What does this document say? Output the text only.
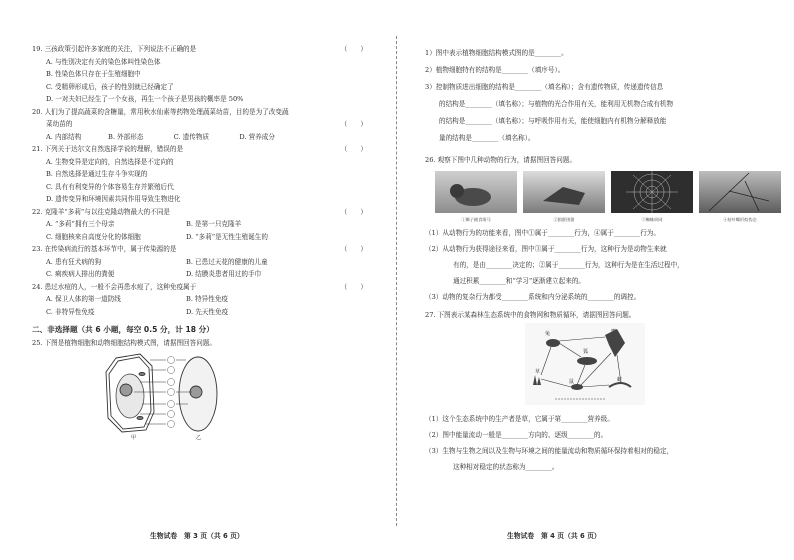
19. 三孩政策引起许多家庭的关注，下列说法不正确的是	（　　）

A. 与性别决定有关的染色体叫性染色体

B. 性染色体只存在于生殖细胞中

C. 受精卵形成后，孩子的性别就已经确定了

D. 一对夫妇已经生了一个女孩，再生一个孩子是男孩的概率是 50%

20. 人们为了提高蔬菜的含糖量，常用秋水仙素等药物处理蔬菜幼苗，目的是为了改变蔬

菜幼苗的	（　　）

A. 内部结构	B. 外部形态	C. 遗传物质	D. 营养成分

21. 下列关于达尔文自然选择学说的理解，错误的是	（　　）

A. 生物变异是定向的，自然选择是不定向的

B. 自然选择是通过生存斗争实现的

C. 具有有利变异的个体容易生存并繁殖后代

D. 遗传变异和环境因素共同作用导致生物进化

22. 克隆羊“多莉”与以往克隆动物最大的不同是	（　　）

A. “多莉”拥有三个母亲	B. 是第一只克隆羊

C. 细胞核来自高度分化的体细胞	D. “多莉”是无性生殖诞生的

23. 在传染病流行的基本环节中，属于传染源的是	（　　）

A. 患有狂犬病的狗	B. 已患过天花的健康的儿童

C. 痢疾病人排出的粪便	D. 结膜炎患者用过的手巾

24. 患过水痘的人，一般不会再患水痘了，这种免疫属于	（　　）

A. 保卫人体的第一道防线	B. 特异性免疫

C. 非特异性免疫	D. 先天性免疫

二、非选择题（共 6 小题，每空 0.5 分，计 18 分）

25. 下图是植物细胞和动物细胞结构模式图，请据图回答问题。

甲	乙
生物试卷　第 3 页（共 6 页）

1）图中表示植物细胞结构模式图的是________。

2）植物细胞特有的结构是________（填序号）。

3）控制物质进出细胞的结构是________（填名称）；含有遗传物质，传递遗传信息

的结构是________（填名称）；与植物的光合作用有关，能利用无机物合成有机物

的结构是________（填名称）；与呼吸作用有关，能使细胞内有机物分解释放能

量的结构是________（填名称）。

26. 观察下图中几种动物的行为，请据图回答问题。

①狮子捕食斑马	②狼群围猎	③蜘蛛织网	④枯叶蝶形拟伪态

（1）从动物行为的功能来看，图中①属于________行为，④属于________行为。

（2）从动物行为获得途径来看，图中③属于________行为，这种行为是动物生来就

有的，是由________决定的；②属于________行为，这种行为是在生活过程中，

通过积累________和“学习”逐渐建立起来的。

（3）动物的复杂行为都受________系统和内分泌系统的________的调控。

27. 下图表示某森林生态系统中的食物网和物质循环，请据图回答问题。

兔
鼠
狐
蛇
草

（1）这个生态系统中的生产者是草，它属于第________营养级。

（2）图中能量流动一般是________方向的、逐级________的。

（3）生物与生物之间以及生物与环境之间的能量流动和物质循环保持着相对的稳定，

这种相对稳定的状态称为________。

生物试卷　第 4 页（共 6 页）
